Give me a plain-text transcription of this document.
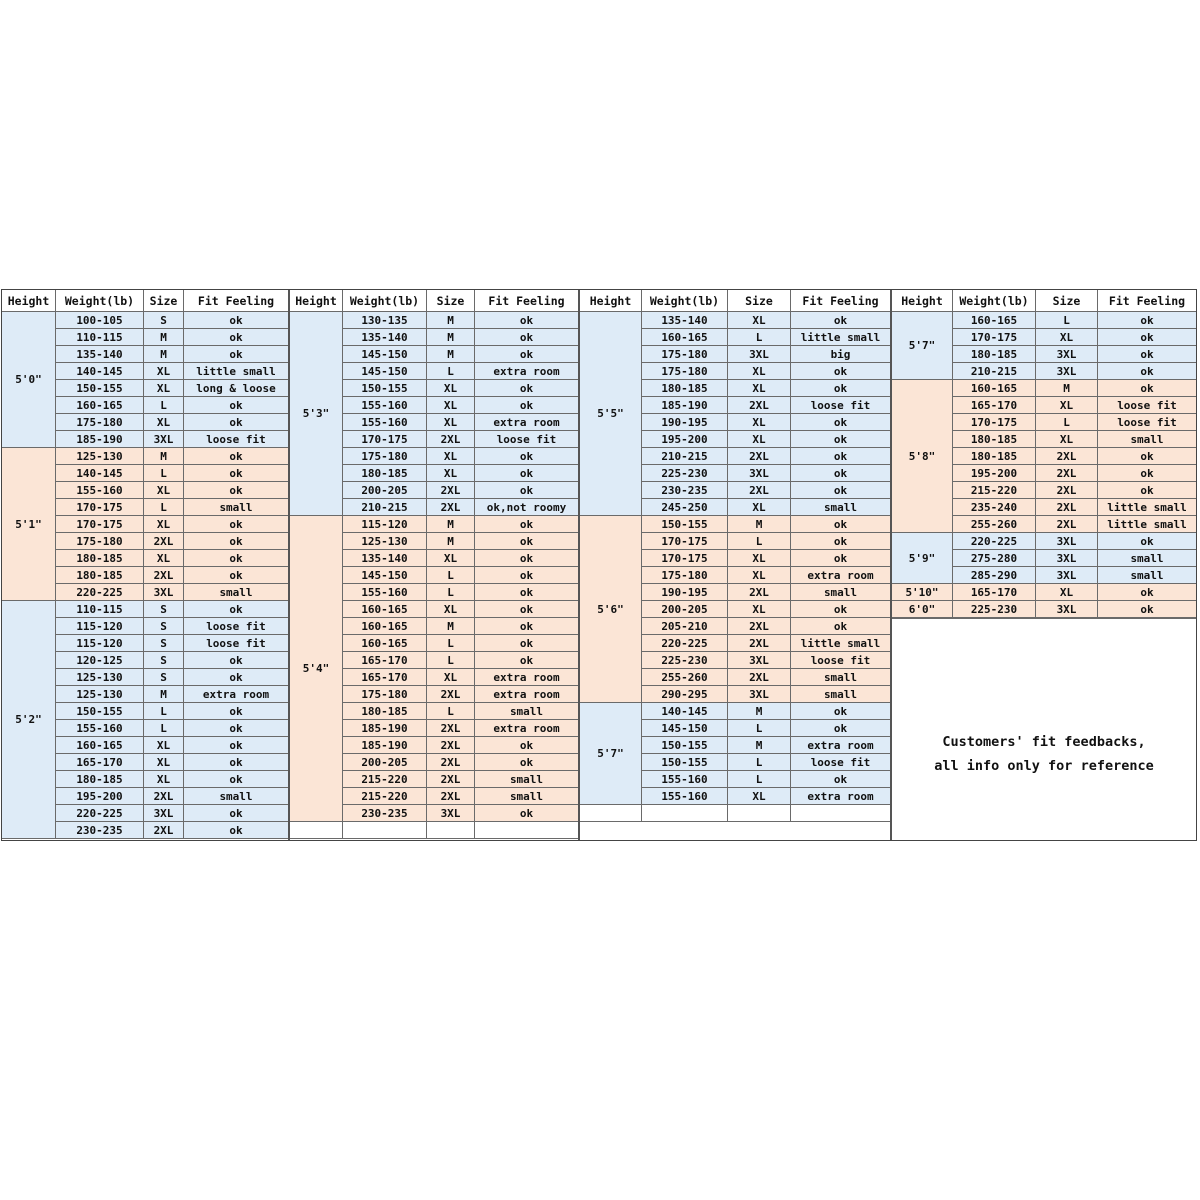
Height	Weight(lb)	Size	Fit Feeling
5'0"
100-105	S	ok
110-115	M	ok
135-140	M	ok
140-145	XL	little small
150-155	XL	long & loose
160-165	L	ok
175-180	XL	ok
185-190	3XL	loose fit
5'1"
125-130	M	ok
140-145	L	ok
155-160	XL	ok
170-175	L	small
170-175	XL	ok
175-180	2XL	ok
180-185	XL	ok
180-185	2XL	ok
220-225	3XL	small
5'2"
110-115	S	ok
115-120	S	loose fit
115-120	S	loose fit
120-125	S	ok
125-130	S	ok
125-130	M	extra room
150-155	L	ok
155-160	L	ok
160-165	XL	ok
165-170	XL	ok
180-185	XL	ok
195-200	2XL	small
220-225	3XL	ok
230-235	2XL	ok
Height	Weight(lb)	Size	Fit Feeling
5'3"
130-135	M	ok
135-140	M	ok
145-150	M	ok
145-150	L	extra room
150-155	XL	ok
155-160	XL	ok
155-160	XL	extra room
170-175	2XL	loose fit
175-180	XL	ok
180-185	XL	ok
200-205	2XL	ok
210-215	2XL	ok,not roomy
5'4"
115-120	M	ok
125-130	M	ok
135-140	XL	ok
145-150	L	ok
155-160	L	ok
160-165	XL	ok
160-165	M	ok
160-165	L	ok
165-170	L	ok
165-170	XL	extra room
175-180	2XL	extra room
180-185	L	small
185-190	2XL	extra room
185-190	2XL	ok
200-205	2XL	ok
215-220	2XL	small
215-220	2XL	small
230-235	3XL	ok
Height	Weight(lb)	Size	Fit Feeling
5'5"
135-140	XL	ok
160-165	L	little small
175-180	3XL	big
175-180	XL	ok
180-185	XL	ok
185-190	2XL	loose fit
190-195	XL	ok
195-200	XL	ok
210-215	2XL	ok
225-230	3XL	ok
230-235	2XL	ok
245-250	XL	small
5'6"
150-155	M	ok
170-175	L	ok
170-175	XL	ok
175-180	XL	extra room
190-195	2XL	small
200-205	XL	ok
205-210	2XL	ok
220-225	2XL	little small
225-230	3XL	loose fit
255-260	2XL	small
290-295	3XL	small
5'7"
140-145	M	ok
145-150	L	ok
150-155	M	extra room
150-155	L	loose fit
155-160	L	ok
155-160	XL	extra room
Height	Weight(lb)	Size	Fit Feeling
5'7"
160-165	L	ok
170-175	XL	ok
180-185	3XL	ok
210-215	3XL	ok
5'8"
160-165	M	ok
165-170	XL	loose fit
170-175	L	loose fit
180-185	XL	small
180-185	2XL	ok
195-200	2XL	ok
215-220	2XL	ok
235-240	2XL	little small
255-260	2XL	little small
5'9"
220-225	3XL	ok
275-280	3XL	small
285-290	3XL	small
5'10"	165-170	XL	ok
6'0"	225-230	3XL	ok
Customers' fit feedbacks,
all info only for reference
